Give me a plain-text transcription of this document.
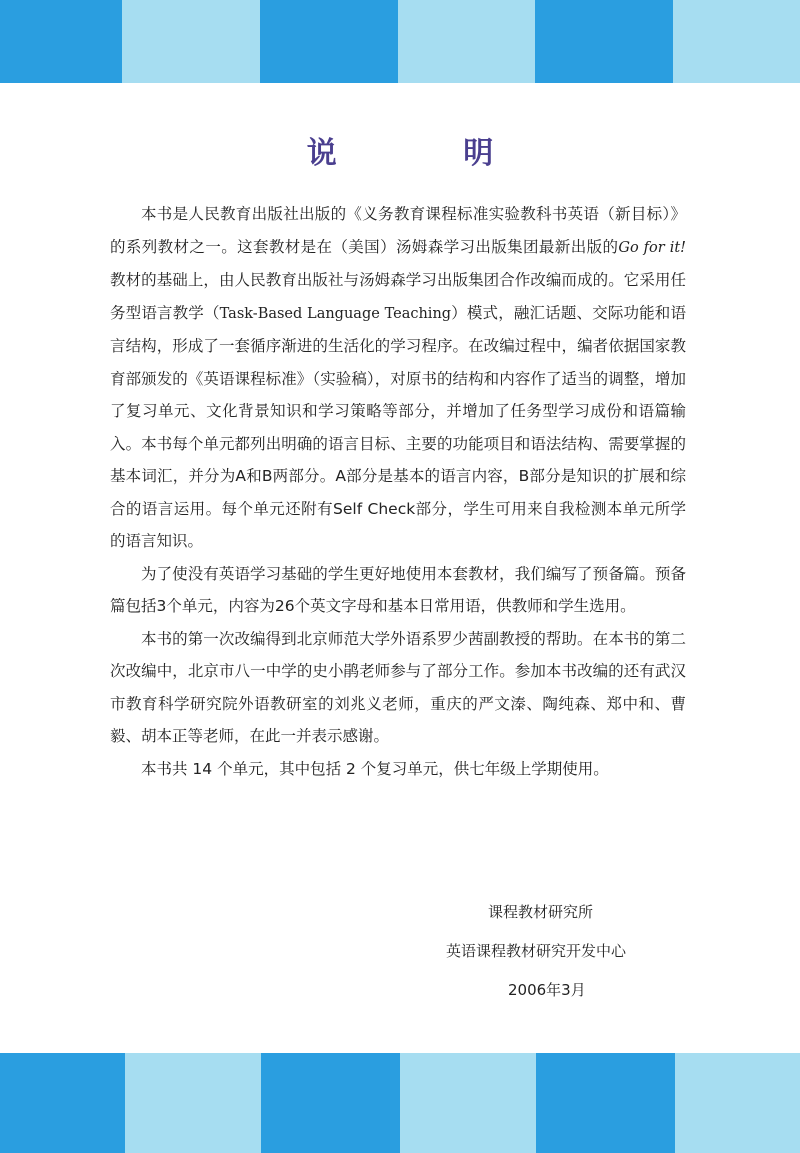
说 明

本书是人民教育出版社出版的《义务教育课程标准实验教科书英语（新目标）》的系列教材之一。这套教材是在（美国）汤姆森学习出版集团最新出版的Go for it!教材的基础上，由人民教育出版社与汤姆森学习出版集团合作改编而成的。它采用任务型语言教学（Task-Based Language Teaching）模式，融汇话题、交际功能和语言结构，形成了一套循序渐进的生活化的学习程序。在改编过程中，编者依据国家教育部颁发的《英语课程标准》（实验稿），对原书的结构和内容作了适当的调整，增加了复习单元、文化背景知识和学习策略等部分，并增加了任务型学习成份和语篇输入。本书每个单元都列出明确的语言目标、主要的功能项目和语法结构、需要掌握的基本词汇，并分为A和B两部分。A部分是基本的语言内容，B部分是知识的扩展和综合的语言运用。每个单元还附有Self Check部分，学生可用来自我检测本单元所学的语言知识。

为了使没有英语学习基础的学生更好地使用本套教材，我们编写了预备篇。预备篇包括3个单元，内容为26个英文字母和基本日常用语，供教师和学生选用。

本书的第一次改编得到北京师范大学外语系罗少茜副教授的帮助。在本书的第二次改编中，北京市八一中学的史小鹃老师参与了部分工作。参加本书改编的还有武汉市教育科学研究院外语教研室的刘兆义老师，重庆的严文溱、陶纯森、郑中和、曹毅、胡本正等老师，在此一并表示感谢。

本书共 14 个单元，其中包括 2 个复习单元，供七年级上学期使用。

课程教材研究所
英语课程教材研究开发中心
2006年3月
